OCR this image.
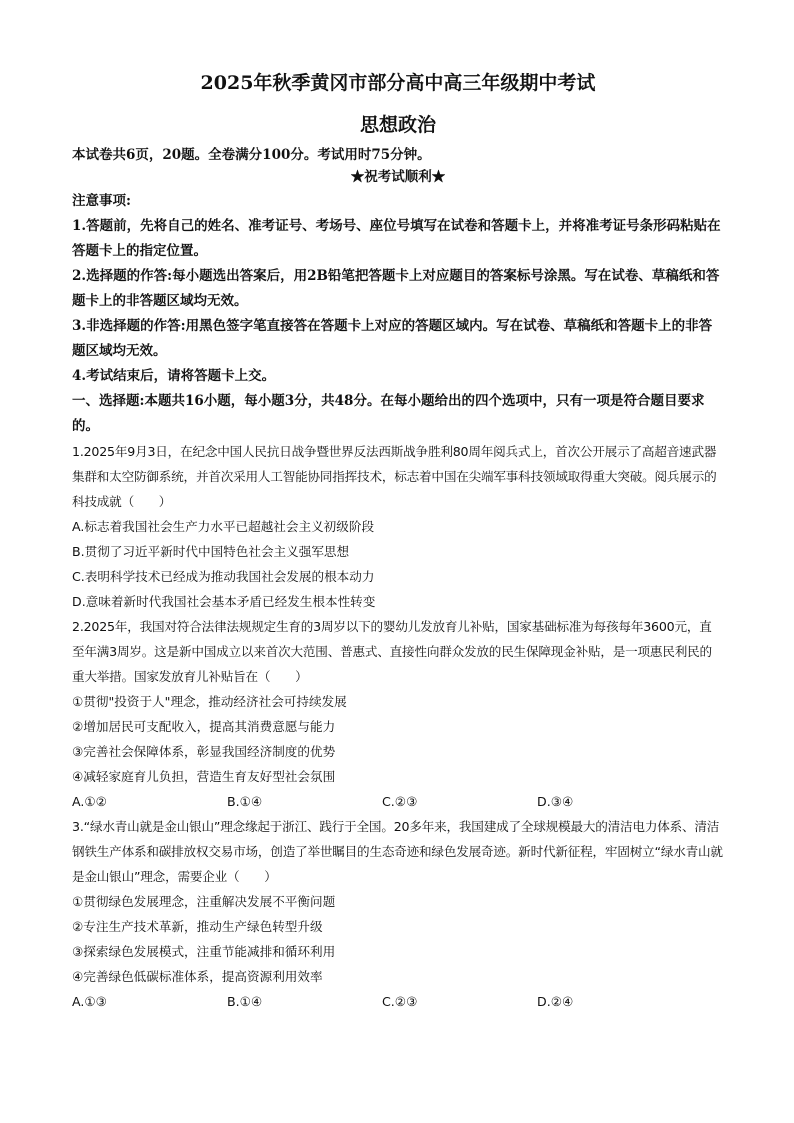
2025年秋季黄冈市部分高中高三年级期中考试
思想政治
本试卷共6页，20题。全卷满分100分。考试用时75分钟。
★祝考试顺利★
注意事项:
1.答题前，先将自己的姓名、准考证号、考场号、座位号填写在试卷和答题卡上，并将准考证号条形码粘贴在答题卡上的指定位置。
2.选择题的作答:每小题选出答案后，用2B铅笔把答题卡上对应题目的答案标号涂黑。写在试卷、草稿纸和答题卡上的非答题区域均无效。
3.非选择题的作答:用黑色签字笔直接答在答题卡上对应的答题区域内。写在试卷、草稿纸和答题卡上的非答题区域均无效。
4.考试结束后，请将答题卡上交。
一、选择题:本题共16小题，每小题3分，共48分。在每小题给出的四个选项中，只有一项是符合题目要求的。
1.2025年9月3日，在纪念中国人民抗日战争暨世界反法西斯战争胜利80周年阅兵式上，首次公开展示了高超音速武器集群和太空防御系统，并首次采用人工智能协同指挥技术，标志着中国在尖端军事科技领域取得重大突破。阅兵展示的科技成就（　　）
A.标志着我国社会生产力水平已超越社会主义初级阶段
B.贯彻了习近平新时代中国特色社会主义强军思想
C.表明科学技术已经成为推动我国社会发展的根本动力
D.意味着新时代我国社会基本矛盾已经发生根本性转变
2.2025年，我国对符合法律法规规定生育的3周岁以下的婴幼儿发放育儿补贴，国家基础标准为每孩每年3600元，直至年满3周岁。这是新中国成立以来首次大范围、普惠式、直接性向群众发放的民生保障现金补贴，是一项惠民利民的重大举措。国家发放育儿补贴旨在（　　）
①贯彻"投资于人"理念，推动经济社会可持续发展
②增加居民可支配收入，提高其消费意愿与能力
③完善社会保障体系，彰显我国经济制度的优势
④减轻家庭育儿负担，营造生育友好型社会氛围
A.①②	B.①④	C.②③	D.③④
3.“绿水青山就是金山银山”理念缘起于浙江、践行于全国。20多年来，我国建成了全球规模最大的清洁电力体系、清洁钢铁生产体系和碳排放权交易市场，创造了举世瞩目的生态奇迹和绿色发展奇迹。新时代新征程，牢固树立“绿水青山就是金山银山”理念，需要企业（　　）
①贯彻绿色发展理念，注重解决发展不平衡问题
②专注生产技术革新，推动生产绿色转型升级
③探索绿色发展模式，注重节能减排和循环利用
④完善绿色低碳标准体系，提高资源利用效率
A.①③	B.①④	C.②③	D.②④
